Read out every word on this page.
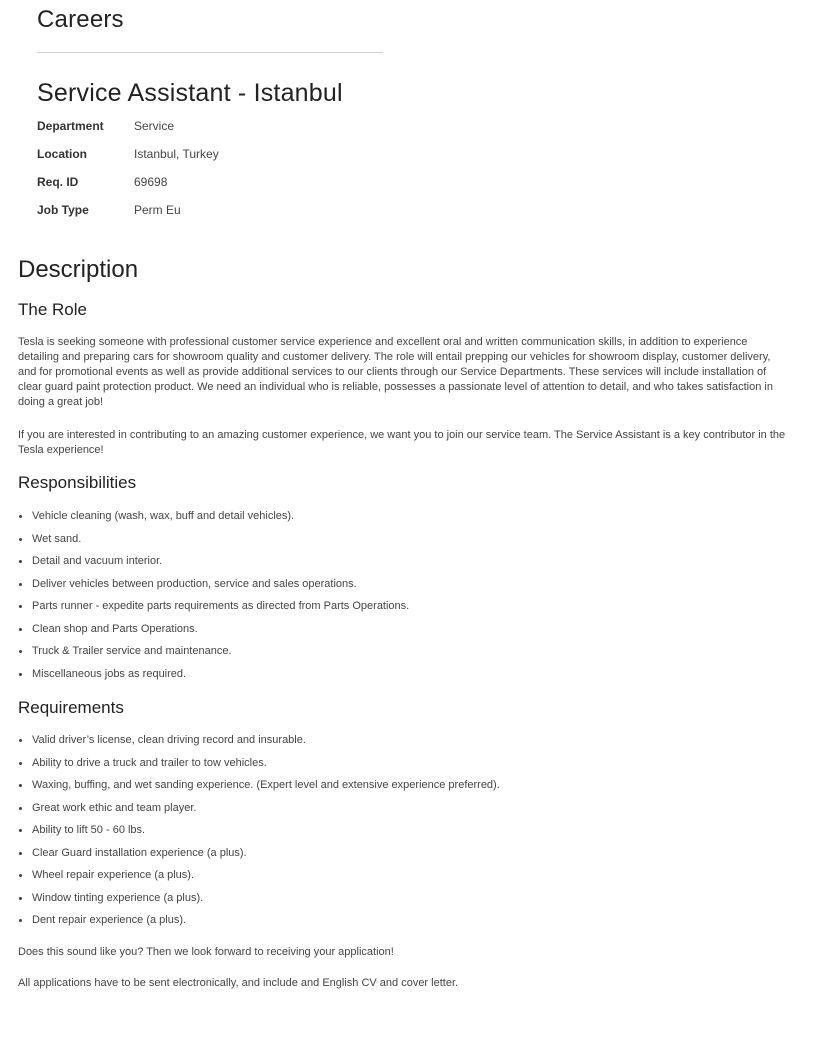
Careers
Service Assistant - Istanbul
Department	Service
Location	Istanbul, Turkey
Req. ID	69698
Job Type	Perm Eu
Description
The Role

Tesla is seeking someone with professional customer service experience and excellent oral and written communication skills, in addition to experience detailing and preparing cars for showroom quality and customer delivery. The role will entail prepping our vehicles for showroom display, customer delivery, and for promotional events as well as provide additional services to our clients through our Service Departments. These services will include installation of clear guard paint protection product. We need an individual who is reliable, possesses a passionate level of attention to detail, and who takes satisfaction in doing a great job!

If you are interested in contributing to an amazing customer experience, we want you to join our service team. The Service Assistant is a key contributor in the Tesla experience!

Responsibilities
Vehicle cleaning (wash, wax, buff and detail vehicles).
Wet sand.
Detail and vacuum interior.
Deliver vehicles between production, service and sales operations.
Parts runner - expedite parts requirements as directed from Parts Operations.
Clean shop and Parts Operations.
Truck & Trailer service and maintenance.
Miscellaneous jobs as required.
Requirements
Valid driver’s license, clean driving record and insurable.
Ability to drive a truck and trailer to tow vehicles.
Waxing, buffing, and wet sanding experience. (Expert level and extensive experience preferred).
Great work ethic and team player.
Ability to lift 50 - 60 lbs.
Clear Guard installation experience (a plus).
Wheel repair experience (a plus).
Window tinting experience (a plus).
Dent repair experience (a plus).

Does this sound like you? Then we look forward to receiving your application!

All applications have to be sent electronically, and include and English CV and cover letter.
